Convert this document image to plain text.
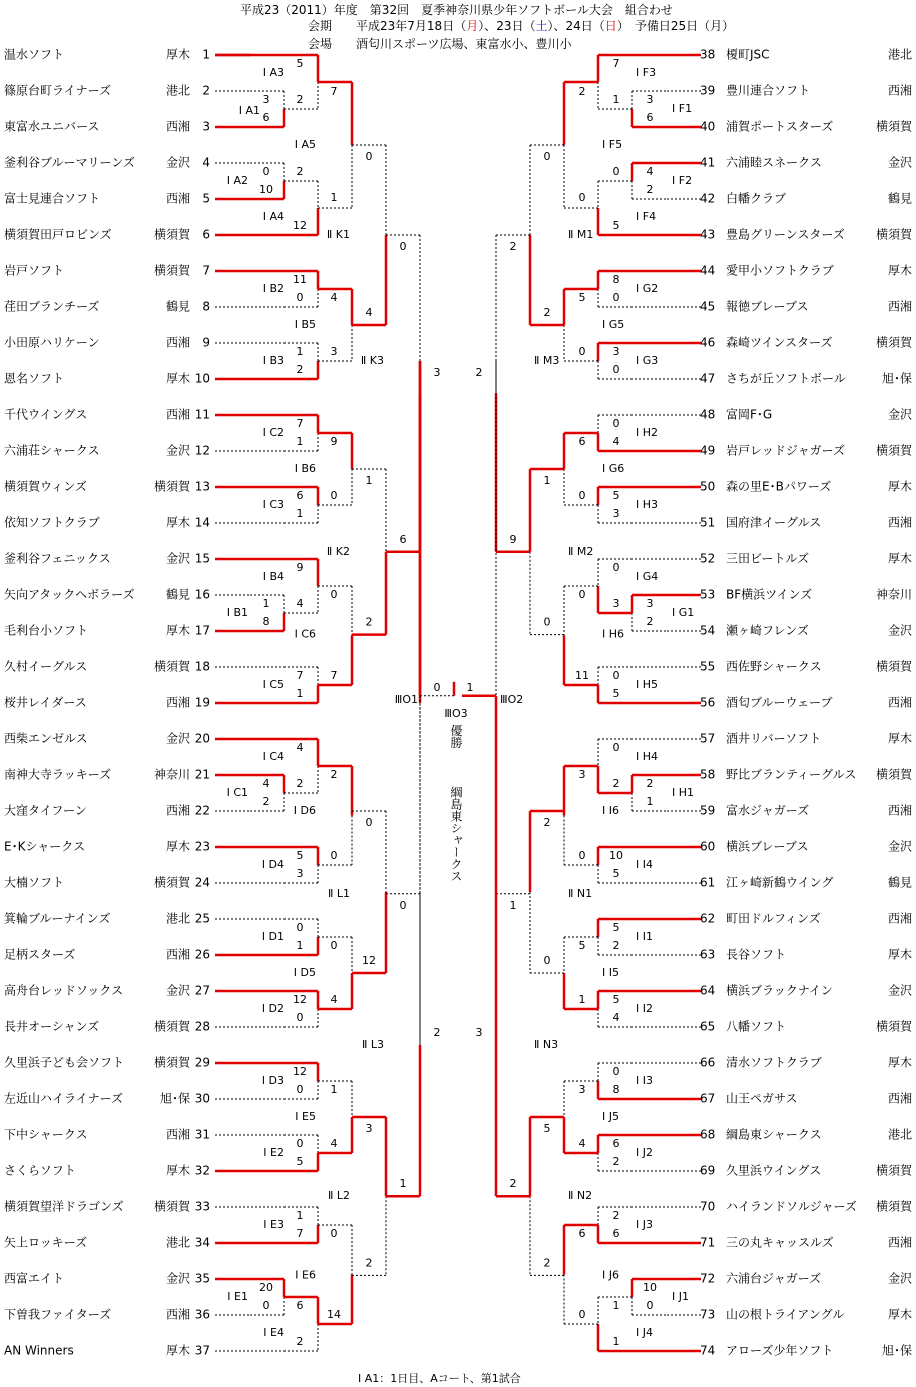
平成23（2011）年度　第32回　夏季神奈川県少年ソフトボール大会　組合わせ
会期   平成23年7月18日（月）、23日（土）、24日（日）　予備日25日（月）
会場   酒匂川スポーツ広場、東富水小、豊川小
温水ソフト	厚木 1
篠原台町ライナーズ	港北 2
東富水ユニバース	西湘 3
釜利谷ブルーマリーンズ	金沢 4
富士見連合ソフト	西湘 5
横須賀田戸ロビンズ	横須賀 6
岩戸ソフト	横須賀 7
荏田ブランチーズ	鶴見 8
小田原ハリケーン	西湘 9
恩名ソフト	厚木 10
千代ウイングス	西湘 11
六浦荘シャークス	金沢 12
横須賀ウィンズ	横須賀 13
依知ソフトクラブ	厚木 14
釜利谷フェニックス	金沢 15
矢向アタックヘボラーズ	鶴見 16
毛利台小ソフト	厚木 17
久村イーグルス	横須賀 18
桜井レイダース	西湘 19
西柴エンゼルス	金沢 20
南神大寺ラッキーズ	神奈川 21
大窪タイフーン	西湘 22
E･Kシャークス	厚木 23
大楠ソフト	横須賀 24
箕輪ブルーナインズ	港北 25
足柄スターズ	西湘 26
高舟台レッドソックス	金沢 27
長井オーシャンズ	横須賀 28
久里浜子ども会ソフト 横須賀 29
左近山ハイライナーズ	旭･保 30
下中シャークス	西湘 31
さくらソフト	厚木 32
横須賀望洋ドラゴンズ	横須賀 33
矢上ロッキーズ	港北 34
西富エイト	金沢 35
下曽我ファイターズ	西湘 36
AN Winners	厚木 37
38 榎町JSC	港北
39 豊川連合ソフト	西湘
40 浦賀ポートスターズ	横須賀
41 六浦睦スネークス	金沢
42 白幡クラブ	鶴見
43 豊島グリーンスターズ	横須賀
44 愛甲小ソフトクラブ	厚木
45 報徳ブレーブス	西湘
46 森崎ツインスターズ	横須賀
47 さちが丘ソフトボール	旭･保
48 富岡F･G	金沢
49 岩戸レッドジャガーズ	横須賀
50 森の里E･Bパワーズ	厚木
51 国府津イーグルス	西湘
52 三田ビートルズ	厚木
53 BF横浜ツインズ	神奈川
54 瀬ヶ崎フレンズ	金沢
55 西佐野シャークス	横須賀
56 酒匂ブルーウェーブ	西湘
57 酒井リバーソフト	厚木
58 野比ブランティーグルス 横須賀
59 富水ジャガーズ	西湘
60 横浜ブレーブス	金沢
61 江ヶ崎新鶴ウイング	鶴見
62 町田ドルフィンズ	西湘
63 長谷ソフト	厚木
64 横浜ブラックナイン	金沢
65 八幡ソフト	横須賀
66 清水ソフトクラブ	厚木
67 山王ペガサス	西湘
68 綱島東シャークス	港北
69 久里浜ウイングス	横須賀
70 ハイランドソルジャーズ 横須賀
71 三の丸キャッスルズ	西湘
72 六浦台ジャガーズ	金沢
73 山の根トライアングル	厚木
74 アローズ少年ソフト	旭･保
Ⅰ A1
3
6
Ⅰ A3
5
2
Ⅰ A2
0
10
Ⅰ A4
2
12
Ⅰ A5
7
1
Ⅰ B2
11
0
Ⅰ B3
1
2
Ⅰ B5
4
3
Ⅱ K1
0
4
Ⅰ C2
7
1
Ⅰ C3
6
1
Ⅰ B6
9
0
Ⅰ B1
1
8
Ⅰ B4
9
4
Ⅰ C5
7
1
Ⅰ C6
0
7
Ⅱ K2
1
2
Ⅱ K3
0
6
Ⅰ C1
4
2
Ⅰ C4
4
2
Ⅰ D4
5
3
Ⅰ D6
2
0
Ⅰ D1
0
1
Ⅰ D2
12
0
Ⅰ D5
0
4
Ⅱ L1
0
12
Ⅰ D3
12
0
Ⅰ E2
0
5
Ⅰ E5
1
4
Ⅰ E3
1
7
Ⅰ E1
20
0
Ⅰ E4
6
2
Ⅰ E6
0
14
Ⅱ L2
3
2
Ⅱ L3
0
1
ⅢO1
3
2
Ⅰ F1
3
6
Ⅰ F3
7
1
Ⅰ F2
4
2
Ⅰ F4
0
5
Ⅰ F5
2
0
Ⅰ G2
8
0
Ⅰ G3
3
0
Ⅰ G5
5
0
Ⅱ M1
0
2
Ⅰ H2
0
4
Ⅰ H3
5
3
Ⅰ G6
6
0
Ⅰ G1
3
2
Ⅰ G4
0
3
Ⅰ H5
0
5
Ⅰ H6
0
11
Ⅱ M2
1
0
Ⅱ M3
2
9
Ⅰ H1
2
1
Ⅰ H4
0
2
Ⅰ I4
10
5
Ⅰ I6
3
0
Ⅰ I1
5
2
Ⅰ I2
5
4
Ⅰ I5
5
1
Ⅱ N1
2
0
Ⅰ I3
0
8
Ⅰ J2
6
2
Ⅰ J5
3
4
Ⅰ J3
2
6
Ⅰ J1
10
0
Ⅰ J4
1
1
Ⅰ J6
6
0
Ⅱ N2
5
2
Ⅱ N3
1
2
ⅢO2
2
3
0 1
ⅢO3
優勝
綱島東シャークス
Ⅰ A1：1日目、Aコート、第1試合
